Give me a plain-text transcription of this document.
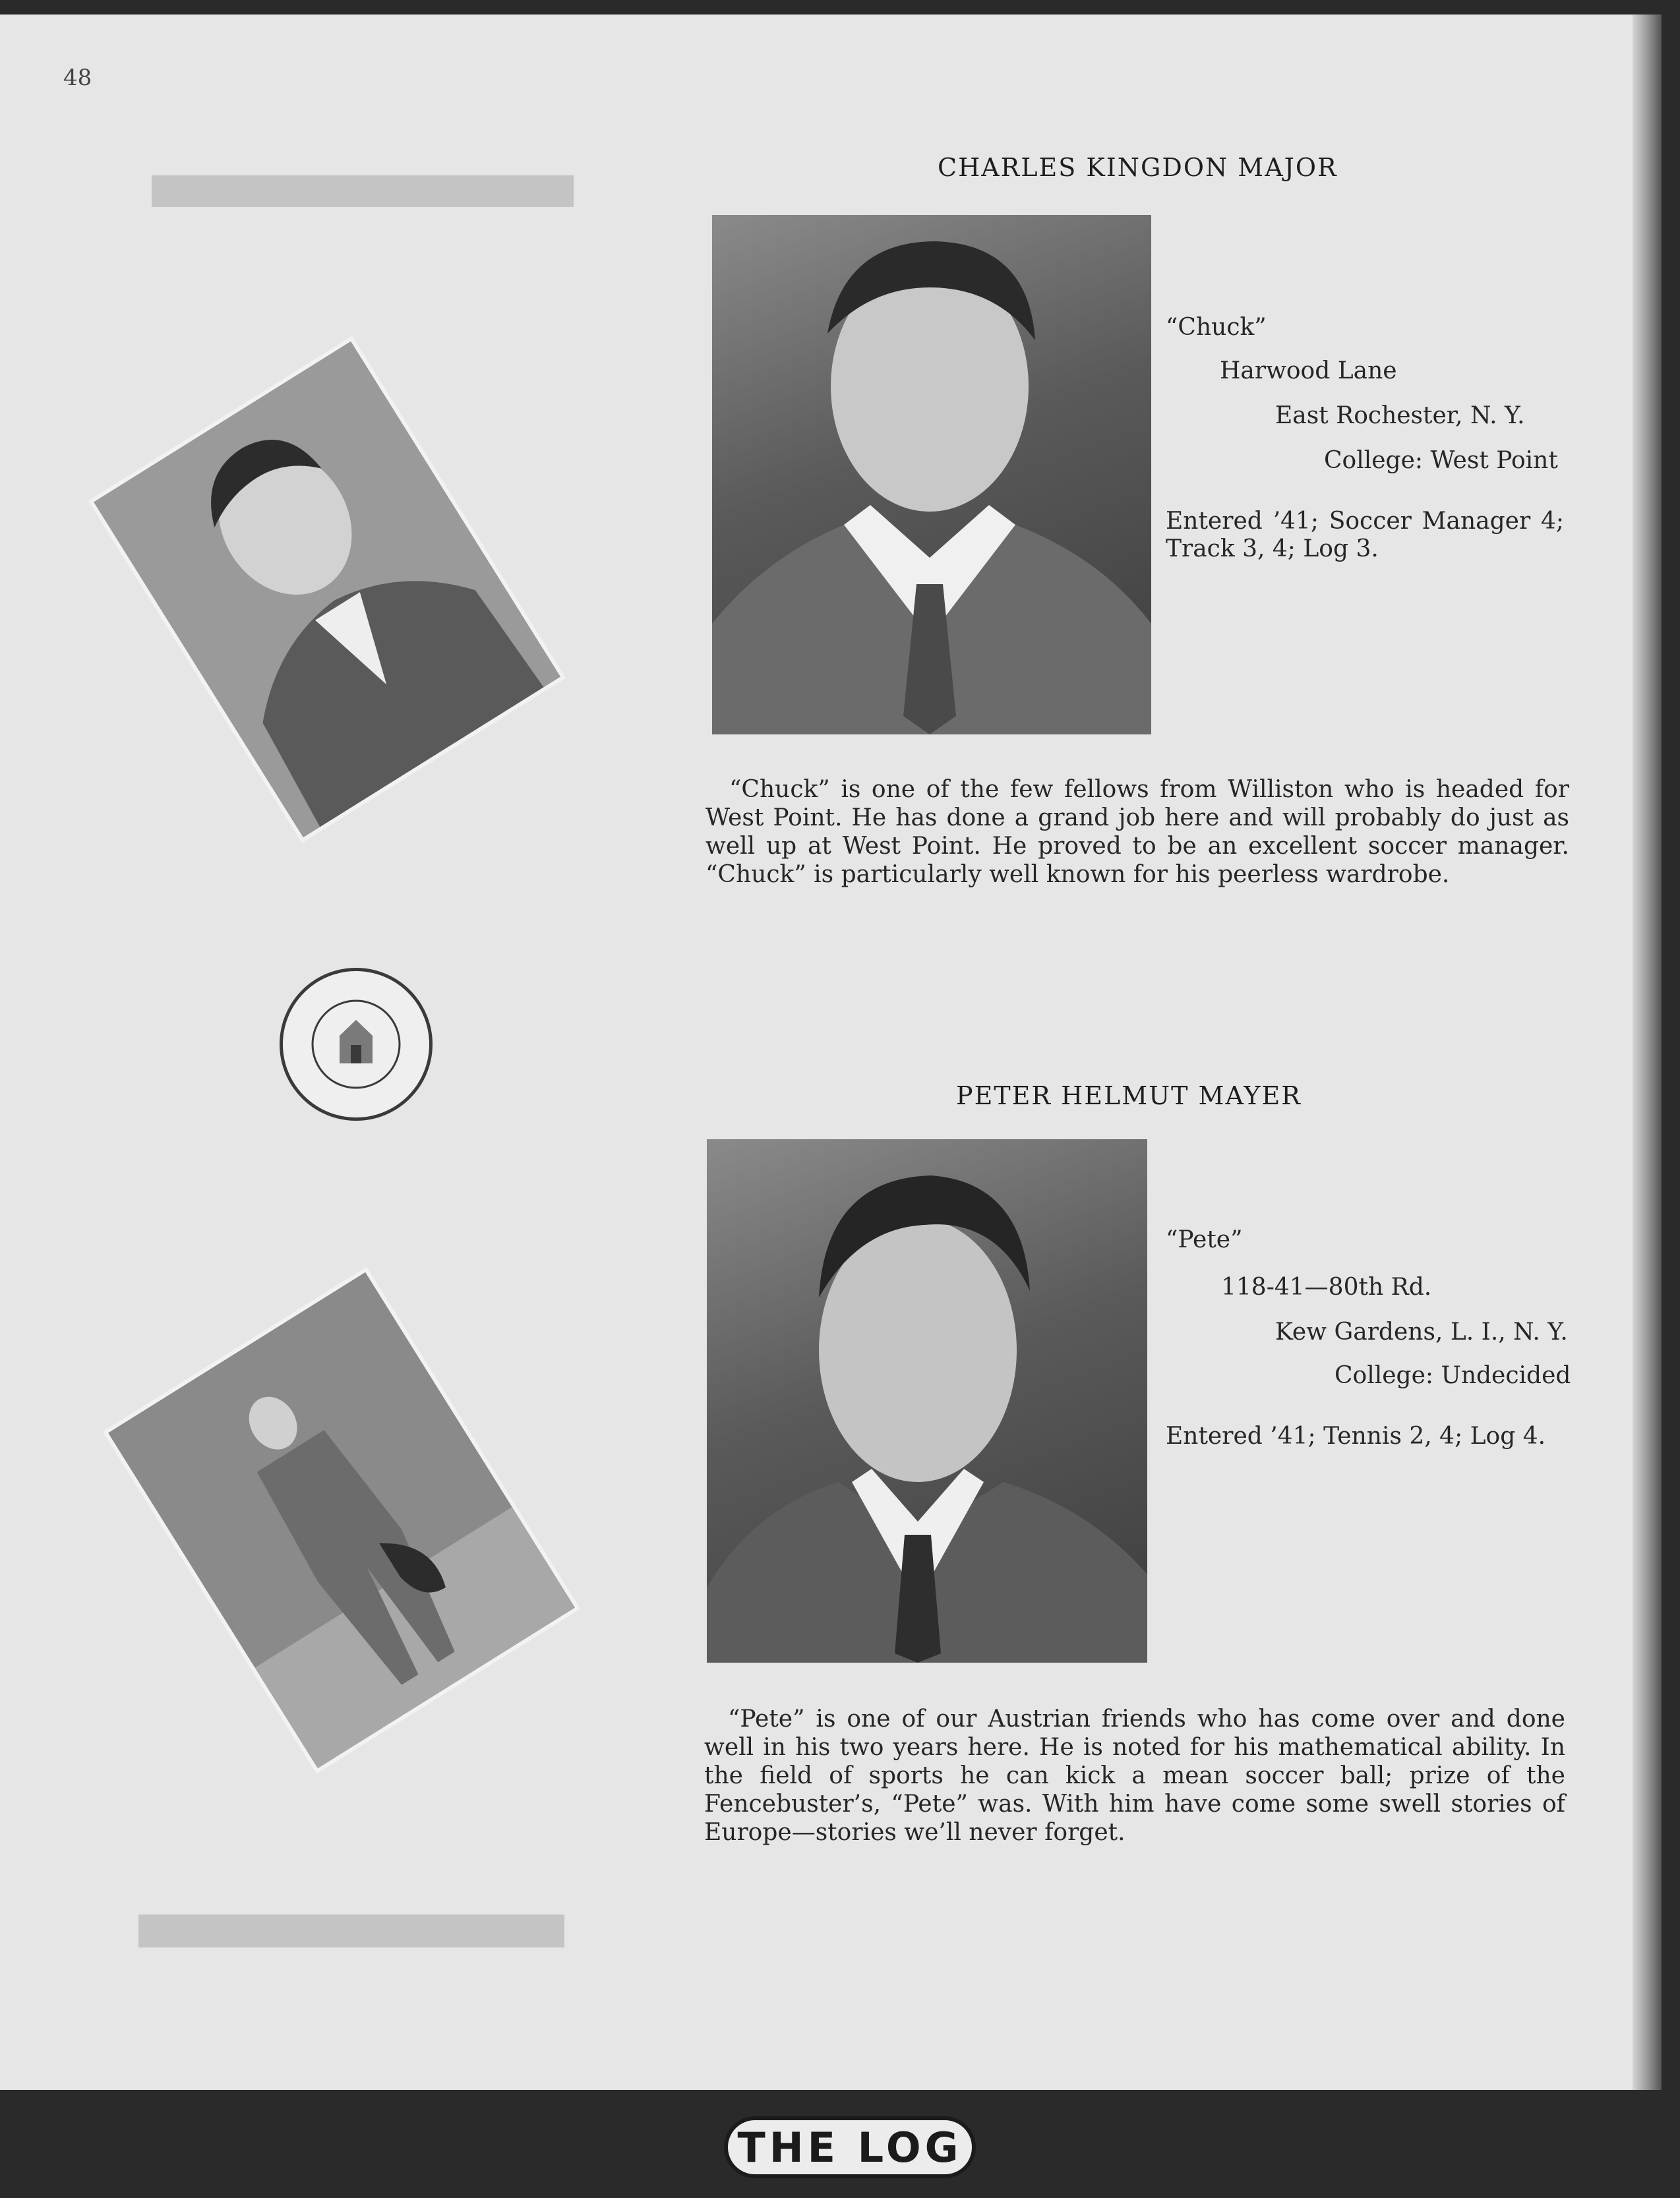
48
CHARLES KINGDON MAJOR
“Chuck”
Harwood Lane
East Rochester, N. Y.
College: West Point
Entered ’41; Soccer Manager 4;
Track 3, 4; Log 3.
“Chuck” is one of the few fellows from Williston who is headed for West Point. He has done a grand job here and will probably do just as well up at West Point. He proved to be an excellent soccer manager. “Chuck” is particularly well known for his peerless wardrobe.
PETER HELMUT MAYER
“Pete”
118-41—80th Rd.
Kew Gardens, L. I., N. Y.
College: Undecided
Entered ’41; Tennis 2, 4; Log 4.
“Pete” is one of our Austrian friends who has come over and done well in his two years here. He is noted for his mathematical ability. In the field of sports he can kick a mean soccer ball; prize of the Fencebuster’s, “Pete” was. With him have come some swell stories of Europe—stories we’ll never forget.
THE LOG
